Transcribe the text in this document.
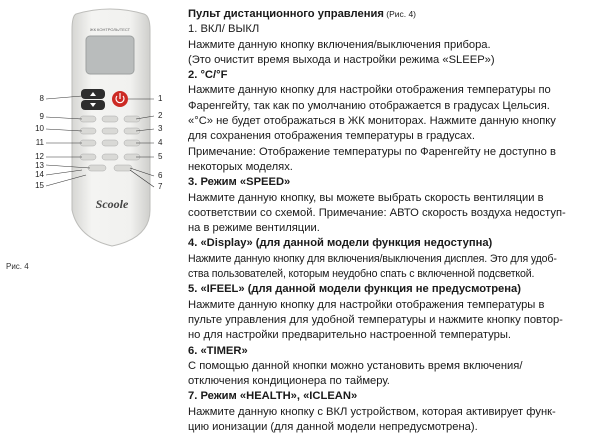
ЖК КОНТРОЛЬ/ТЕСТ
Scoole
8
9
10
11
12
13
14
15
1
2
3
4
5
6
7
Рис. 4
Пульт дистанционного управления (Рис. 4)
1. ВКЛ/ ВЫКЛ
Нажмите данную кнопку включения/выключения прибора.
(Это очистит время выхода и настройки режима «SLEEP»)
2. °C/°F
Нажмите данную кнопку для настройки отображения температуры по
Фаренгейту, так как по умолчанию отображается в градусах Цельсия.
«°C» не будет отображаться в ЖК мониторах. Нажмите данную кнопку
для сохранения отображения температуры в градусах.
Примечание: Отображение температуры по Фаренгейту не доступно в
некоторых моделях.
3. Режим «SPEED»
Нажмите данную кнопку, вы можете выбрать скорость вентиляции в
соответствии со схемой. Примечание: АВТО скорость воздуха недоступ-
на в режиме вентиляции.
4. «Display» (для данной модели функция недоступна)
Нажмите данную кнопку для включения/выключения дисплея. Это для удоб-
ства пользователей, которым неудобно спать с включенной подсветкой.
5. «IFEEL» (для данной модели функция не предусмотрена)
Нажмите данную кнопку для настройки отображения температуры в
пульте управления для удобной температуры и нажмите кнопку повтор-
но для настройки предварительно настроенной температуры.
6. «TIMER»
С помощью данной кнопки можно установить время включения/
отключения кондиционера по таймеру.
7. Режим «HEALTH», «ICLEAN»
Нажмите данную кнопку с ВКЛ устройством, которая активирует функ-
цию ионизации (для данной модели непредусмотрена).
